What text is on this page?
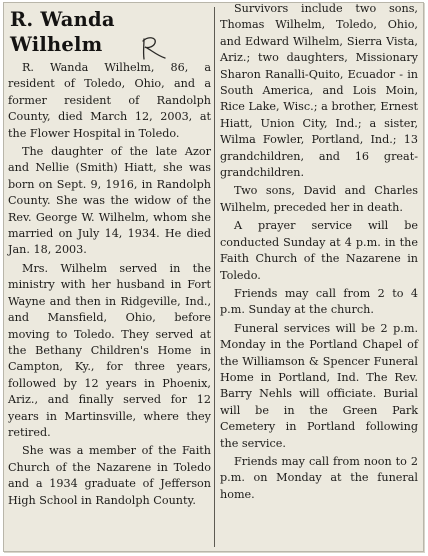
R. Wanda
Wilhelm

R. Wanda Wilhelm, 86, a resident of Toledo, Ohio, and a former resident of Randolph County, died March 12, 2003, at the Flower Hospital in Toledo.

The daughter of the late Azor and Nellie (Smith) Hiatt, she was born on Sept. 9, 1916, in Randolph County. She was the widow of the Rev. George W. Wilhelm, whom she married on July 14, 1934. He died Jan. 18, 2003.

Mrs. Wilhelm served in the ministry with her husband in Fort Wayne and then in Ridgeville, Ind., and Mansfield, Ohio, before moving to Toledo. They served at the Bethany Children's Home in Campton, Ky., for three years, followed by 12 years in Phoenix, Ariz., and finally served for 12 years in Martinsville, where they retired.

She was a member of the Faith Church of the Nazarene in Toledo and a 1934 graduate of Jefferson High School in Randolph County.

Survivors include two sons, Thomas Wilhelm, Toledo, Ohio, and Edward Wilhelm, Sierra Vista, Ariz.; two daughters, Missionary Sharon Ranalli-Quito, Ecuador - in South America, and Lois Moin, Rice Lake, Wisc.; a brother, Ernest Hiatt, Union City, Ind.; a sister, Wilma Fowler, Portland, Ind.; 13 grandchildren, and 16 great-grandchildren.

Two sons, David and Charles Wilhelm, preceded her in death.

A prayer service will be conducted Sunday at 4 p.m. in the Faith Church of the Nazarene in Toledo.

Friends may call from 2 to 4 p.m. Sunday at the church.

Funeral services will be 2 p.m. Monday in the Portland Chapel of the Williamson & Spencer Funeral Home in Portland, Ind. The Rev. Barry Nehls will officiate. Burial will be in the Green Park Cemetery in Portland following the service.

Friends may call from noon to 2 p.m. on Monday at the funeral home.
